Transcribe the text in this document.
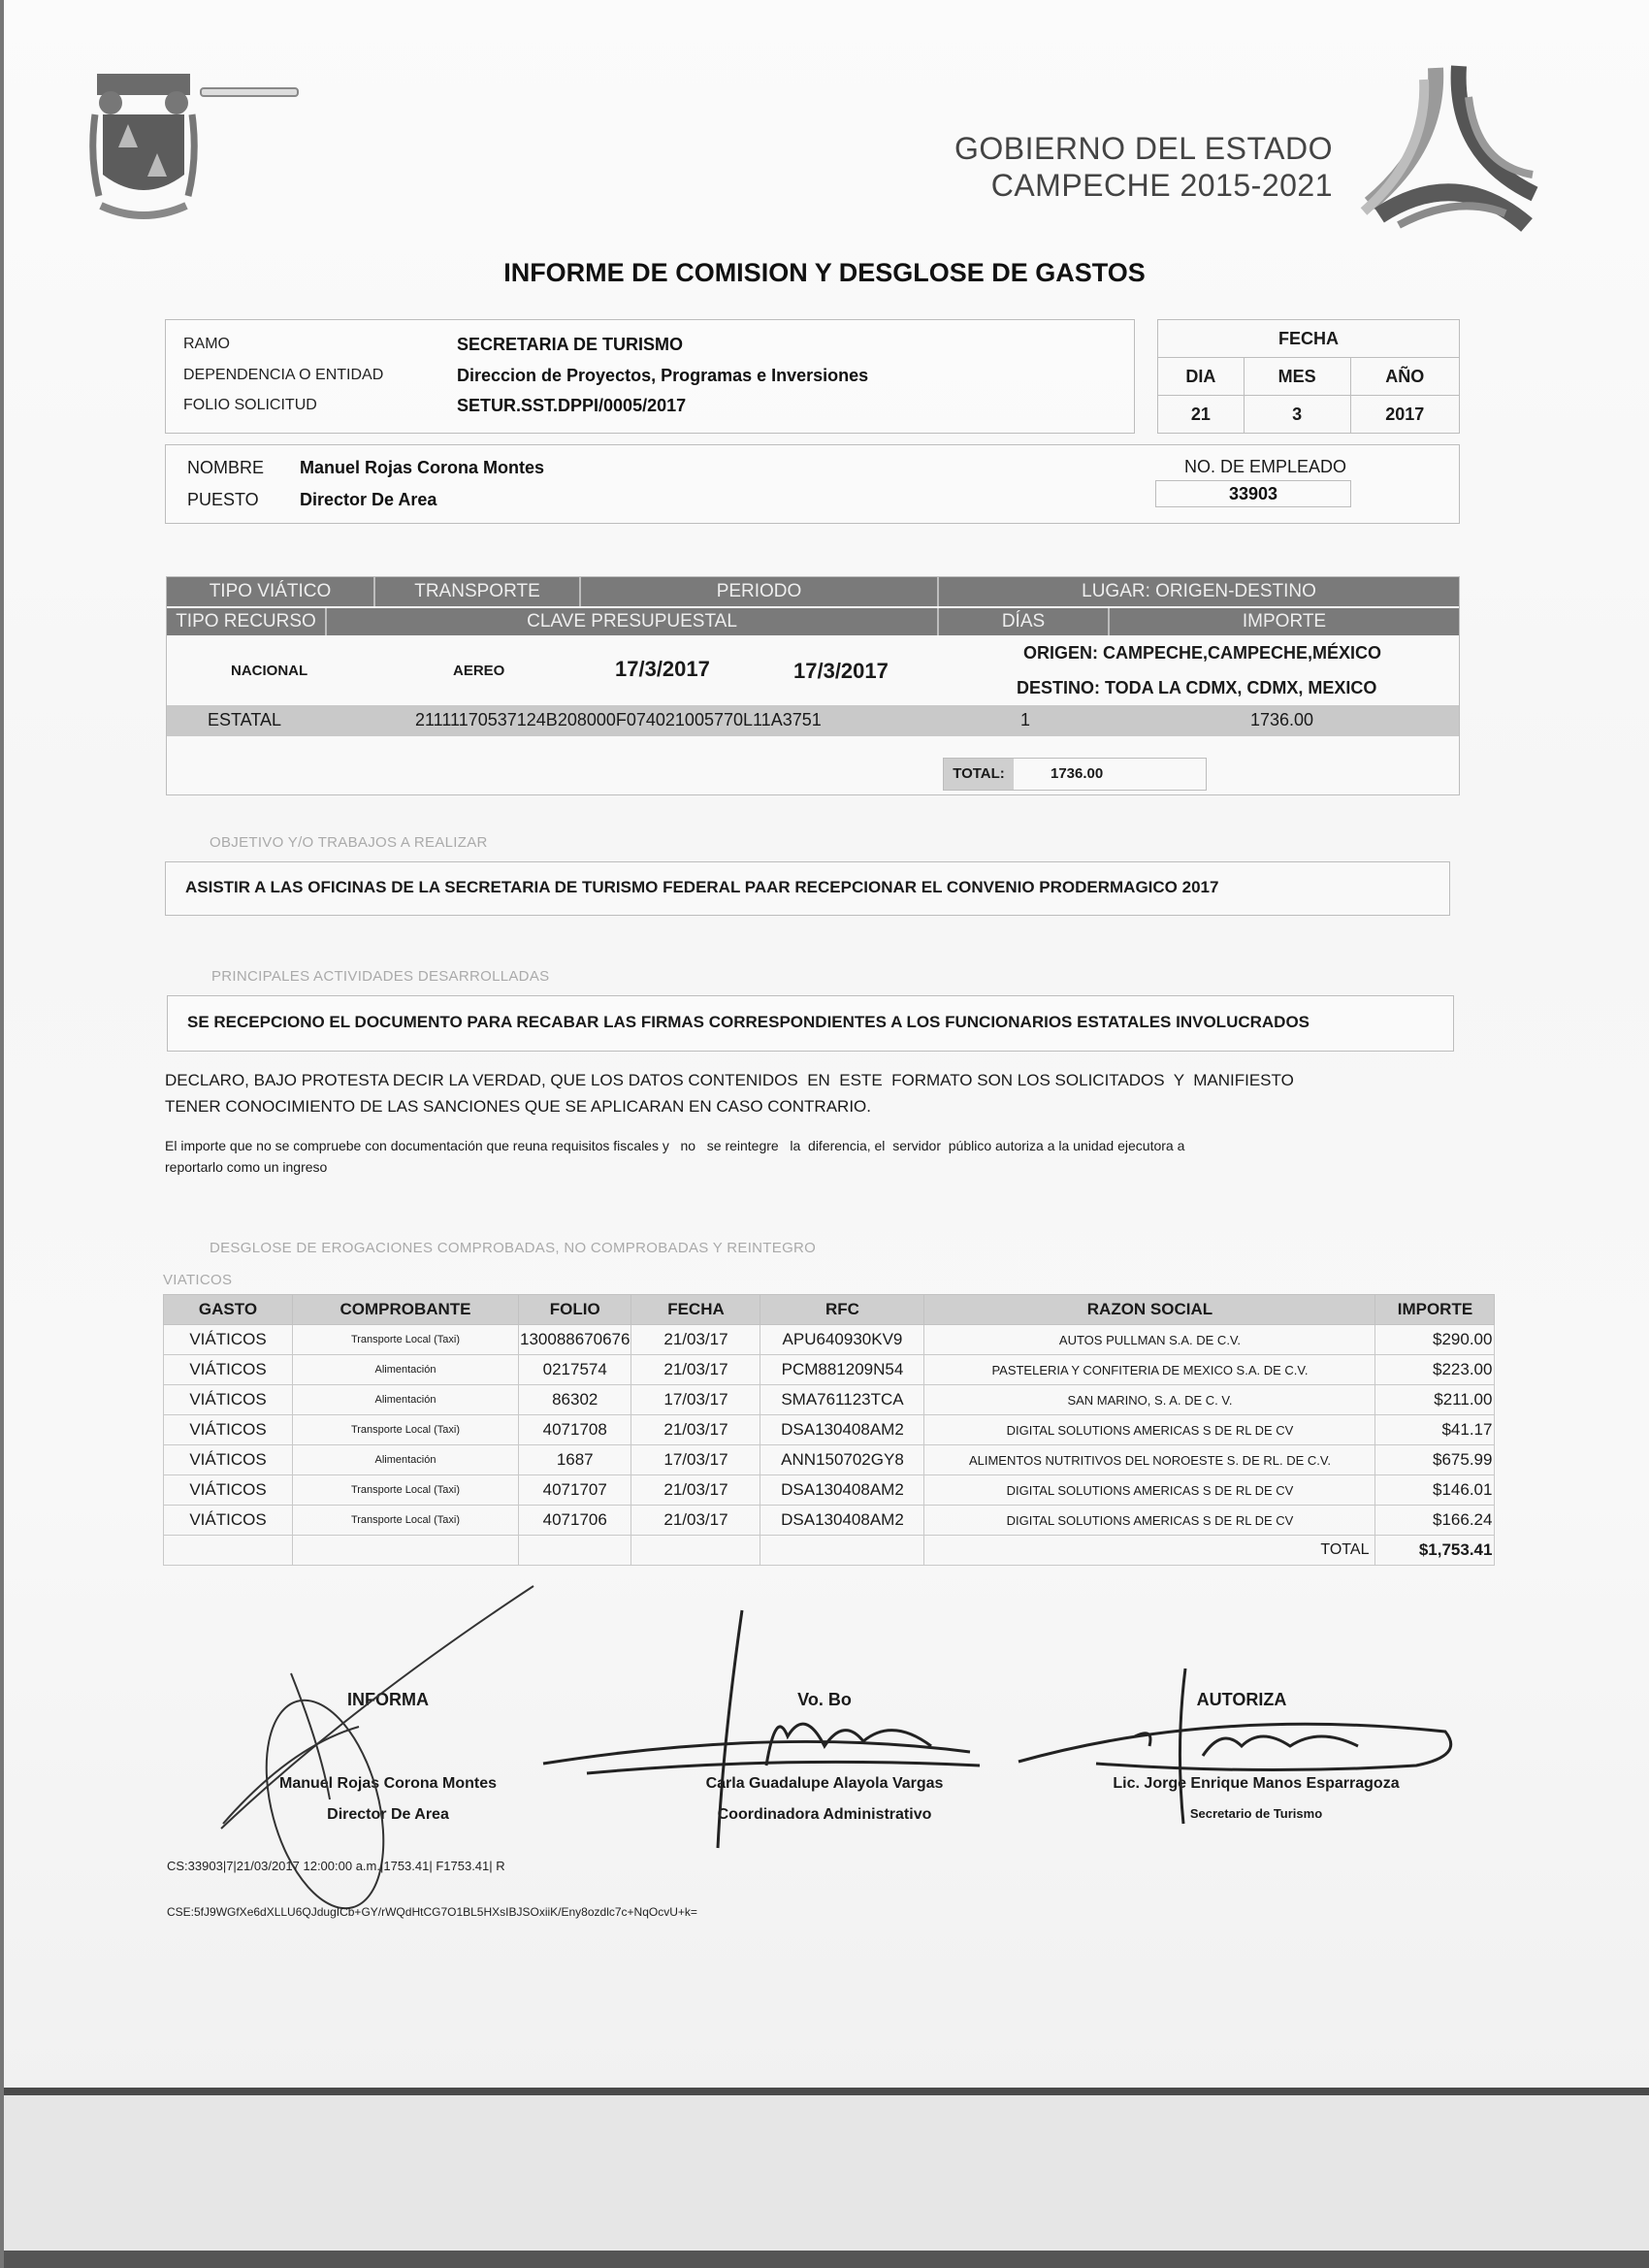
GOBIERNO DEL ESTADO
CAMPECHE 2015-2021
INFORME DE COMISION Y DESGLOSE DE GASTOS
RAMO	SECRETARIA DE TURISMO
DEPENDENCIA O ENTIDAD	Direccion de Proyectos, Programas e Inversiones
FOLIO SOLICITUD	SETUR.SST.DPPI/0005/2017
FECHA		
DIA	MES	AÑO
21	3	2017
NOMBRE Manuel Rojas Corona Montes
PUESTO Director De Area
NO. DE EMPLEADO
33903
TIPO VIÁTICO	TRANSPORTE	PERIODO	LUGAR: ORIGEN-DESTINO
TIPO RECURSO	CLAVE PRESUPUESTAL	DÍAS	IMPORTE
NACIONAL	AEREO	17/3/2017	17/3/2017
ORIGEN: CAMPECHE,CAMPECHE,MÉXICO
DESTINO: TODA LA CDMX, CDMX, MEXICO
ESTATAL	21111170537124B208000F074021005770L11A3751	1	1736.00
TOTAL:	1736.00
OBJETIVO Y/O TRABAJOS A REALIZAR
ASISTIR A LAS OFICINAS DE LA SECRETARIA DE TURISMO FEDERAL PAAR RECEPCIONAR EL CONVENIO PRODERMAGICO 2017
PRINCIPALES ACTIVIDADES DESARROLLADAS
SE RECEPCIONO EL DOCUMENTO PARA RECABAR LAS FIRMAS CORRESPONDIENTES A LOS FUNCIONARIOS ESTATALES INVOLUCRADOS
DECLARO, BAJO PROTESTA DECIR LA VERDAD, QUE LOS DATOS CONTENIDOS  EN  ESTE  FORMATO SON LOS SOLICITADOS  Y  MANIFIESTO
TENER CONOCIMIENTO DE LAS SANCIONES QUE SE APLICARAN EN CASO CONTRARIO.
El importe que no se compruebe con documentación que reuna requisitos fiscales y   no   se reintegre   la  diferencia, el  servidor  público autoriza a la unidad ejecutora a
reportarlo como un ingreso
DESGLOSE DE EROGACIONES COMPROBADAS, NO COMPROBADAS Y REINTEGRO
VIATICOS
GASTO	COMPROBANTE	FOLIO	FECHA	RFC	RAZON SOCIAL	IMPORTE
VIÁTICOS	Transporte Local (Taxi)	130088670676	21/03/17	APU640930KV9	AUTOS PULLMAN S.A. DE C.V.	$290.00
VIÁTICOS	Alimentación	0217574	21/03/17	PCM881209N54	PASTELERIA Y CONFITERIA DE MEXICO S.A. DE C.V.	$223.00
VIÁTICOS	Alimentación	86302	17/03/17	SMA761123TCA	SAN MARINO, S. A. DE C. V.	$211.00
VIÁTICOS	Transporte Local (Taxi)	4071708	21/03/17	DSA130408AM2	DIGITAL SOLUTIONS AMERICAS S DE RL DE CV	$41.17
VIÁTICOS	Alimentación	1687	17/03/17	ANN150702GY8	ALIMENTOS NUTRITIVOS DEL NOROESTE S. DE RL. DE C.V.	$675.99
VIÁTICOS	Transporte Local (Taxi)	4071707	21/03/17	DSA130408AM2	DIGITAL SOLUTIONS AMERICAS S DE RL DE CV	$146.01
VIÁTICOS	Transporte Local (Taxi)	4071706	21/03/17	DSA130408AM2	DIGITAL SOLUTIONS AMERICAS S DE RL DE CV	$166.24
					TOTAL	$1,753.41
INFORMA
Manuel Rojas Corona Montes
Director De Area
Vo. Bo
Carla Guadalupe Alayola Vargas
Coordinadora Administrativo
AUTORIZA
Lic. Jorge Enrique Manos Esparragoza
Secretario de Turismo
CS:33903|7|21/03/2017 12:00:00 a.m.|1753.41| F1753.41| R
CSE:5fJ9WGfXe6dXLLU6QJdugICb+GY/rWQdHtCG7O1BL5HXsIBJSOxiiK/Eny8ozdlc7c+NqOcvU+k=
